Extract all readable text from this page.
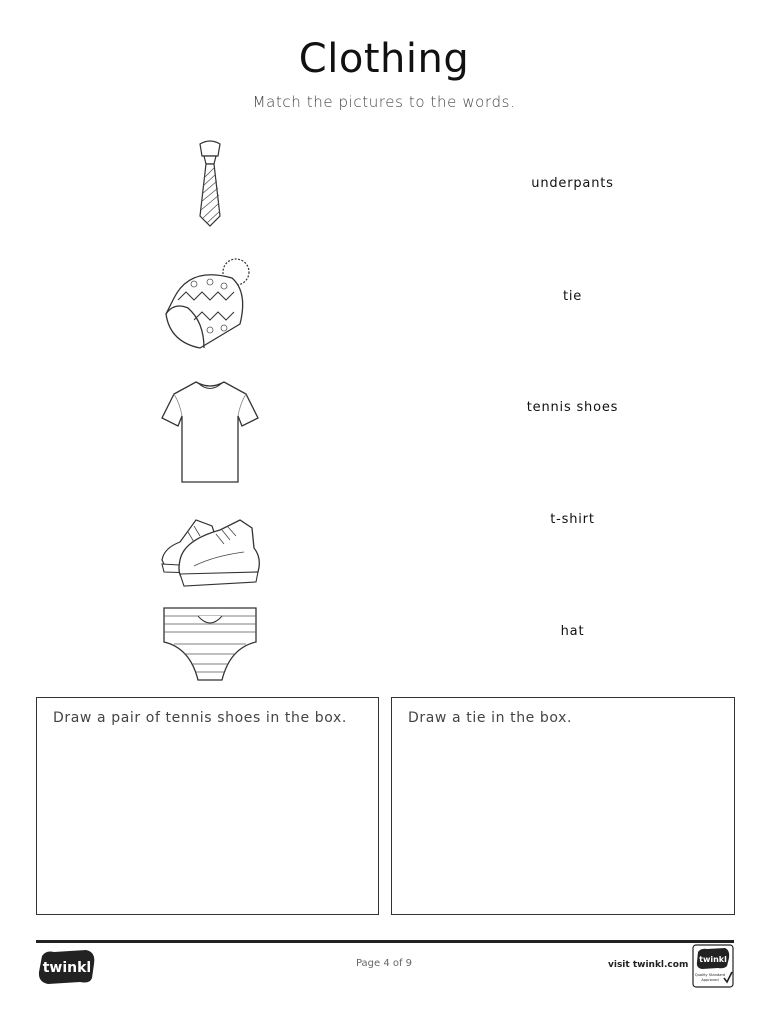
Clothing
Match the pictures to the words.
underpants
tie
tennis shoes
t-shirt
hat
Draw a pair of tennis shoes in the box.	Draw a tie in the box.
twinkl	Page 4 of 9	visit twinkl.com
twinkl
Quality Standard
Approved
